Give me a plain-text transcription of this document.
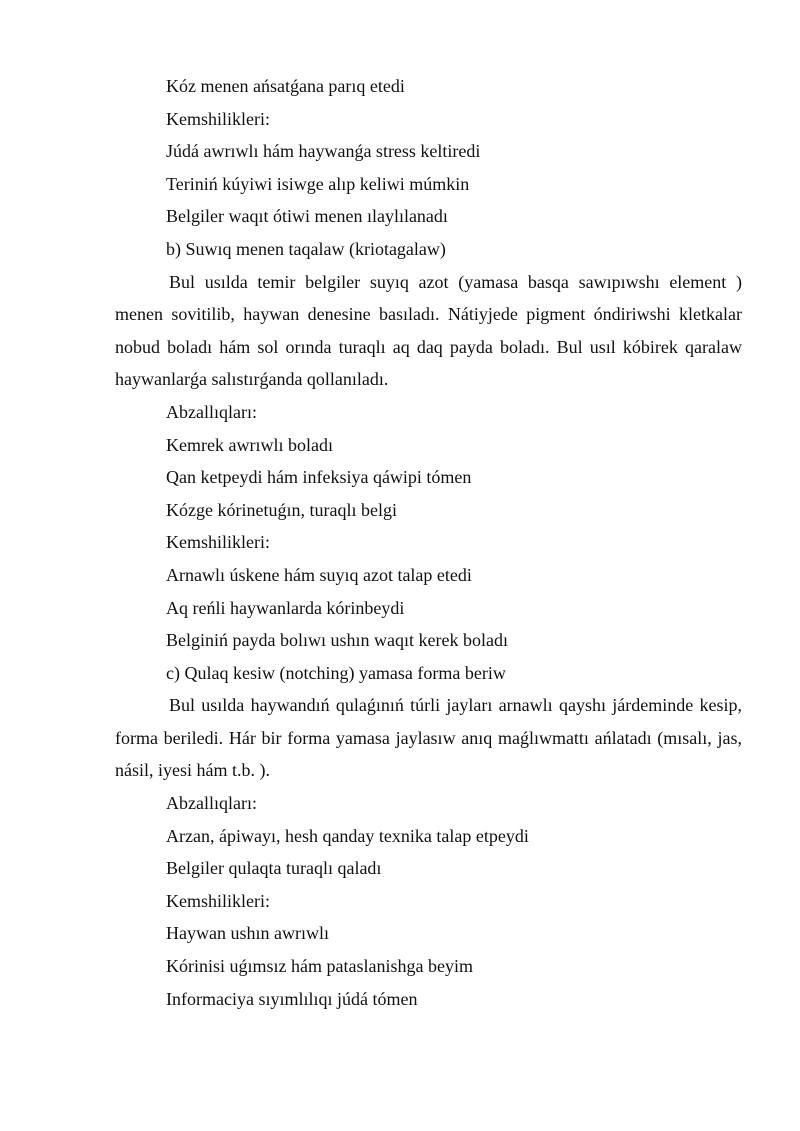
Kóz menen ańsatǵana parıq etedi

Kemshilikleri:

Júdá awrıwlı hám haywanǵa stress keltiredi

Teriniń kúyiwi isiwge alıp keliwi múmkin

Belgiler waqıt ótiwi menen ılaylılanadı

b) Suwıq menen taqalaw (kriotagalaw)

Bul usılda temir belgiler suyıq azot (yamasa basqa sawıpıwshı element ) menen sovitilib, haywan denesine basıladı. Nátiyjede pigment óndiriwshi kletkalar nobud boladı hám sol orında turaqlı aq daq payda boladı. Bul usıl kóbirek qaralaw haywanlarǵa salıstırǵanda qollanıladı.

Abzallıqları:

Kemrek awrıwlı boladı

Qan ketpeydi hám infeksiya qáwipi tómen

Kózge kórinetuǵın, turaqlı belgi

Kemshilikleri:

Arnawlı úskene hám suyıq azot talap etedi

Aq reńli haywanlarda kórinbeydi

Belginiń payda bolıwı ushın waqıt kerek boladı

c) Qulaq kesiw (notching) yamasa forma beriw

Bul usılda haywandıń qulaǵınıń túrli jayları arnawlı qayshı járdeminde kesip, forma beriledi. Hár bir forma yamasa jaylasıw anıq maǵlıwmattı ańlatadı (mısalı, jas, násil, iyesi hám t.b. ).

Abzallıqları:

Arzan, ápiwayı, hesh qanday texnika talap etpeydi

Belgiler qulaqta turaqlı qaladı

Kemshilikleri:

Haywan ushın awrıwlı

Kórinisi uǵımsız hám pataslanishga beyim

Informaciya sıyımlılıqı júdá tómen
